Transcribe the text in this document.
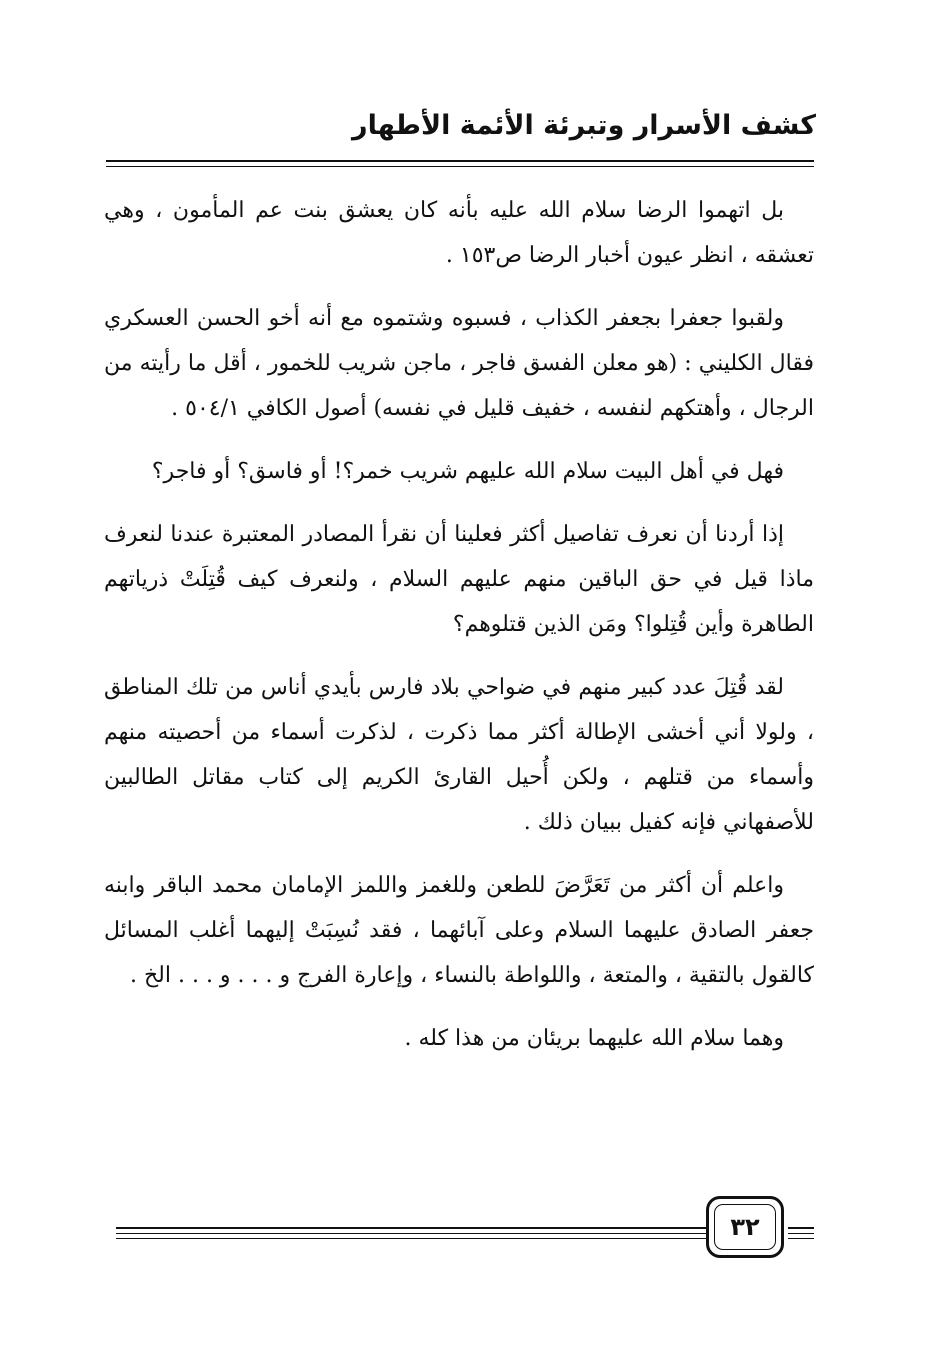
كشف الأسرار وتبرئة الأئمة الأطهار

بل اتهموا الرضا سلام الله عليه بأنه كان يعشق بنت عم المأمون ، وهي تعشقه ، انظر عيون أخبار الرضا ص١٥٣ .

ولقبوا جعفرا بجعفر الكذاب ، فسبوه وشتموه مع أنه أخو الحسن العسكري فقال الكليني : (هو معلن الفسق فاجر ، ماجن شريب للخمور ، أقل ما رأيته من الرجال ، وأهتكهم لنفسه ، خفيف قليل في نفسه) أصول الكافي ٥٠٤/١ .

فهل في أهل البيت سلام الله عليهم شريب خمر؟! أو فاسق؟ أو فاجر؟

إذا أردنا أن نعرف تفاصيل أكثر فعلينا أن نقرأ المصادر المعتبرة عندنا لنعرف ماذا قيل في حق الباقين منهم عليهم السلام ، ولنعرف كيف قُتِلَتْ ذرياتهم الطاهرة وأين قُتِلوا؟ ومَن الذين قتلوهم؟

لقد قُتِلَ عدد كبير منهم في ضواحي بلاد فارس بأيدي أناس من تلك المناطق ، ولولا أني أخشى الإطالة أكثر مما ذكرت ، لذكرت أسماء من أحصيته منهم وأسماء من قتلهم ، ولكن أُحيل القارئ الكريم إلى كتاب مقاتل الطالبين للأصفهاني فإنه كفيل ببيان ذلك .

واعلم أن أكثر من تَعَرَّضَ للطعن وللغمز واللمز الإمامان محمد الباقر وابنه جعفر الصادق عليهما السلام وعلى آبائهما ، فقد نُسِبَتْ إليهما أغلب المسائل كالقول بالتقية ، والمتعة ، واللواطة بالنساء ، وإعارة الفرج و . . . و . . . الخ .

وهما سلام الله عليهما بريئان من هذا كله .

٣٢
